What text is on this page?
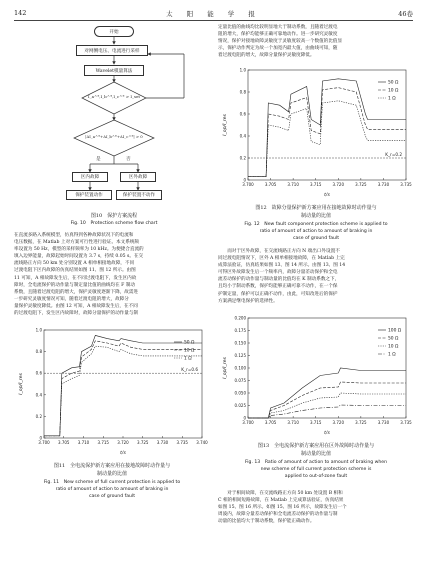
142	太 阳 能 学 报	46卷
开始
对网侧电压、电流进行采样
Wavelet模量算法
I_a^*,I_b^*,I_c^* > I_set
|ΔI_a^*+ΔI_b^*+ΔI_c^*| > 0
是	否
区内故障	区外故障
保护装置动作	保护装置不动作
图10　保护方案流程
Fig. 10　Protection scheme flow chart
在直流多路入系统模型，仿真得到各种故障状况下的电流和
电压数据，在 Matlab 上对方案可行性进行验证。本文系统频
率设置为 50 Hz，模型的采样频率为 10 kHz。为便捷合直流的
填入边界能量，故障起始时间设置为 3.7 s，持续 0.05 s。在交
流线路正方向 50 km 处分别设置 A 相单相接地故障，不同
过渡电阻下区内故障的仿真结果如图 11、图 12 所示。由图
11 可知，A 相故障发生后，在不同过渡电阻下，发生区内故
障时，全电流保护的动作量与制定量比值的曲线均在 F 制动
系数，且随着过渡电阻的增大，保护灵敏度逐渐下降，故需进
一步研究灵敏度情况可知，随着过渡电阻的增大，故障分
量保护灵敏度降低。由图 12 可知，A 相故障发生后，在不同
的过渡电阻下，发生区内故障时，故障分量保护的动作量与制
3.700 3.705 3.710 3.715 3.720 3.725 3.730 3.735 3.740
0
0.2
0.4
0.6
0.8
1.0
t/s
I_op/I_res
K_r=0.6
50 Ω
10 Ω
1 Ω
图11　全电流保护新方案应用在接地故障时动作量与
制动量的比值
Fig. 11　New scheme of full current protection is applied to
ratio of amount of action to amount of braking in
case of ground fault
定量比值的曲线均比较明显地大于制动系数，且随着过渡电
阻的增大，保护均能够正确可靠地动作。进一步研究灵敏度
情况，保护对接地故障灵敏度于灵敏度较高一个数值的比值显
示，保护动作判定为故一个加宽内最大值，由曲线可知，随
着过渡电阻的增大，故障分量保护灵敏度降低。
3.700	3.705	3.710	3.715	3.720	3.725	3.730	3.735
0
0.2
0.4
0.6
0.8
1.0
t/s
I_op/I_res
K_r=0.2
50 Ω
10 Ω
1 Ω
图12　故障分量保护新方案应用在接地故障时动作量与
制动量的比值
Fig. 12　New fault component protection scheme is applied to
ratio of amount of action to amount of braking in
case of ground fault
　　而对于区外故障，在交流线路正方向 N 端出口外设置不
同过渡电阻情况下，区外 A 相单相接地故障，在 Matlab 上完
成算法验证，仿真结果如图 13、图 14 所示。由图 13、图 14
可得区外故障发生后一个频率内，故障分量差动保护和全电
流差动保护的动作量与制动量的比值均在 K 制动系数之下，
且均小于制动系数，保护均能够正确可靠不动作，在一个保
护制定量，保护可以正确不动作，由此，可知改进后的保护
方案满足继电保护的选择性。
3.700	3.705	3.710	3.715	3.720	3.725	3.730	3.735
0
0.025
0.050
0.075
0.100
0.125
0.150
0.175
0.200
t/s
I_op/I_res
100 Ω
50 Ω
10 Ω
1 Ω
图13　全电流保护新方案应用在区外故障时动作量与
制动量的比值
Fig. 13　Ratio of amount of action to amount of braking when
new scheme of full current protection scheme is
applied to out-of-zone fault
　　对于相间故障，在交流线路正方向 50 km 处设置 B 相和
C 相的相间短路故障，在 Matlab 上完成算法验证，仿真结果
如图 15、图 16 所示。如图 15、图 16 所示，故障发生后一个
周波内，故障分量差动保护和全电流差动保护的动作量与制
动量的比值均大于制动系数，保护能正确动作。
